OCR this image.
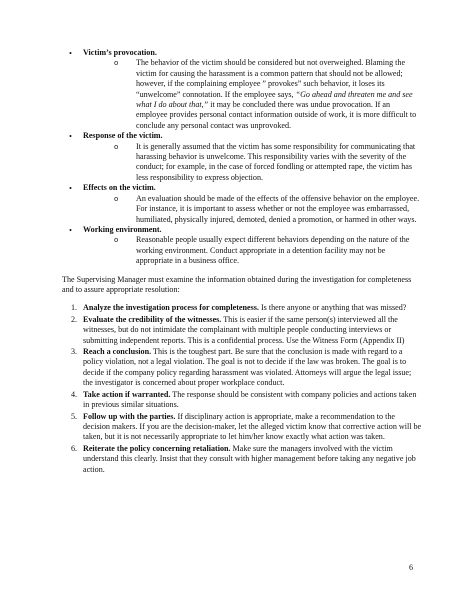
• Victim’s provocation.
o The behavior of the victim should be considered but not overweighed. Blaming the victim for causing the harassment is a common pattern that should not be allowed; however, if the complaining employee ” provokes” such behavior, it loses its “unwelcome” connotation. If the employee says, “Go ahead and threaten me and see what I do about that,” it may be concluded there was undue provocation. If an employee provides personal contact information outside of work, it is more difficult to conclude any personal contact was unprovoked.
• Response of the victim.
o It is generally assumed that the victim has some responsibility for communicating that harassing behavior is unwelcome. This responsibility varies with the severity of the conduct; for example, in the case of forced fondling or attempted rape, the victim has less responsibility to express objection.
• Effects on the victim.
o An evaluation should be made of the effects of the offensive behavior on the employee. For instance, it is important to assess whether or not the employee was embarrassed, humiliated, physically injured, demoted, denied a promotion, or harmed in other ways.
• Working environment.
o Reasonable people usually expect different behaviors depending on the nature of the working environment. Conduct appropriate in a detention facility may not be appropriate in a business office.

The Supervising Manager must examine the information obtained during the investigation for completeness and to assure appropriate resolution:

1. Analyze the investigation process for completeness. Is there anyone or anything that was missed?
2. Evaluate the credibility of the witnesses. This is easier if the same person(s) interviewed all the witnesses, but do not intimidate the complainant with multiple people conducting interviews or submitting independent reports. This is a confidential process. Use the Witness Form (Appendix II)
3. Reach a conclusion. This is the toughest part. Be sure that the conclusion is made with regard to a policy violation, not a legal violation. The goal is not to decide if the law was broken. The goal is to decide if the company policy regarding harassment was violated. Attorneys will argue the legal issue; the investigator is concerned about proper workplace conduct.
4. Take action if warranted. The response should be consistent with company policies and actions taken in previous similar situations.
5. Follow up with the parties. If disciplinary action is appropriate, make a recommendation to the decision makers. If you are the decision-maker, let the alleged victim know that corrective action will be taken, but it is not necessarily appropriate to let him/her know exactly what action was taken.
6. Reiterate the policy concerning retaliation. Make sure the managers involved with the victim understand this clearly. Insist that they consult with higher management before taking any negative job action.
6
